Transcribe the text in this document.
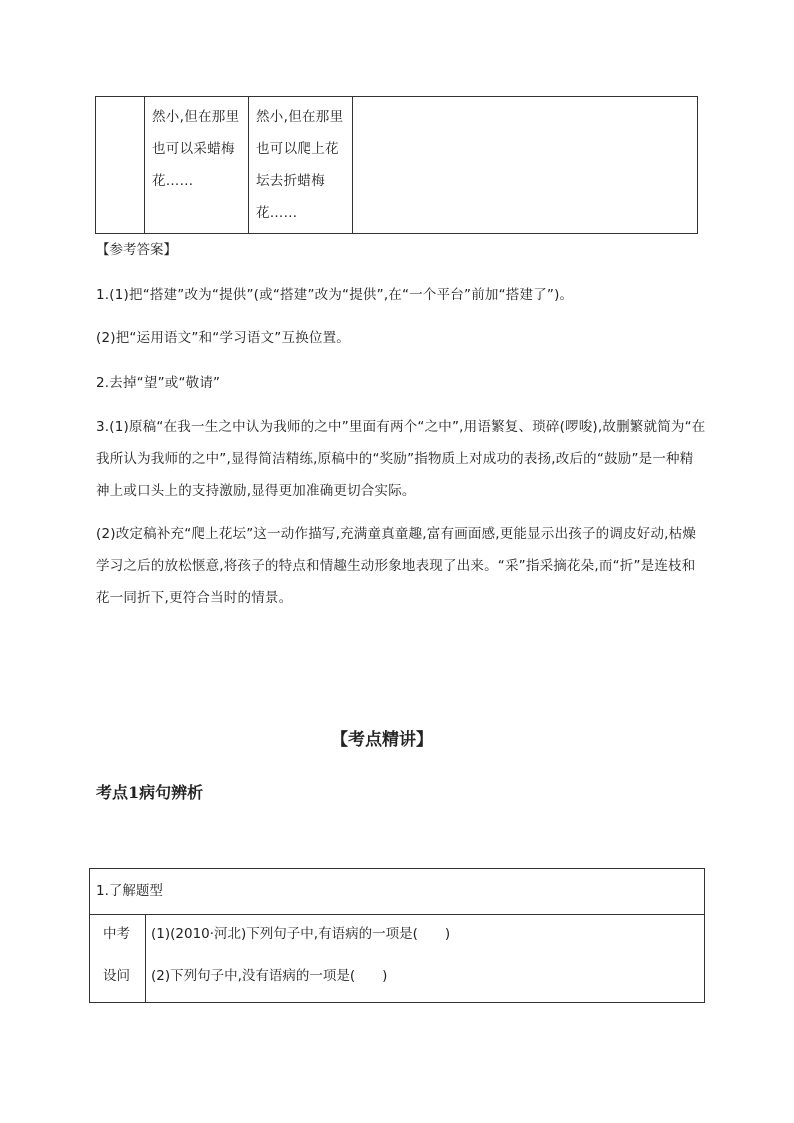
然小,但在那里也可以采蜡梅花……
然小,但在那里也可以爬上花坛去折蜡梅花……
【参考答案】
1.(1)把“搭建”改为“提供”(或“搭建”改为“提供”,在“一个平台”前加“搭建了”)。
(2)把“运用语文”和“学习语文”互换位置。
2.去掉“望”或“敬请”
3.(1)原稿“在我一生之中认为我师的之中”里面有两个“之中”,用语繁复、琐碎(啰唆),故删繁就简为“在我所认为我师的之中”,显得简洁精练,原稿中的“奖励”指物质上对成功的表扬,改后的“鼓励”是一种精神上或口头上的支持激励,显得更加准确更切合实际。
(2)改定稿补充“爬上花坛”这一动作描写,充满童真童趣,富有画面感,更能显示出孩子的调皮好动,枯燥学习之后的放松惬意,将孩子的特点和情趣生动形象地表现了出来。“采”指采摘花朵,而“折”是连枝和花一同折下,更符合当时的情景。
【考点精讲】
考点1病句辨析
1.了解题型
中考
设问
(1)(2010·河北)下列句子中,有语病的一项是(　　)
(2)下列句子中,没有语病的一项是(　　)
